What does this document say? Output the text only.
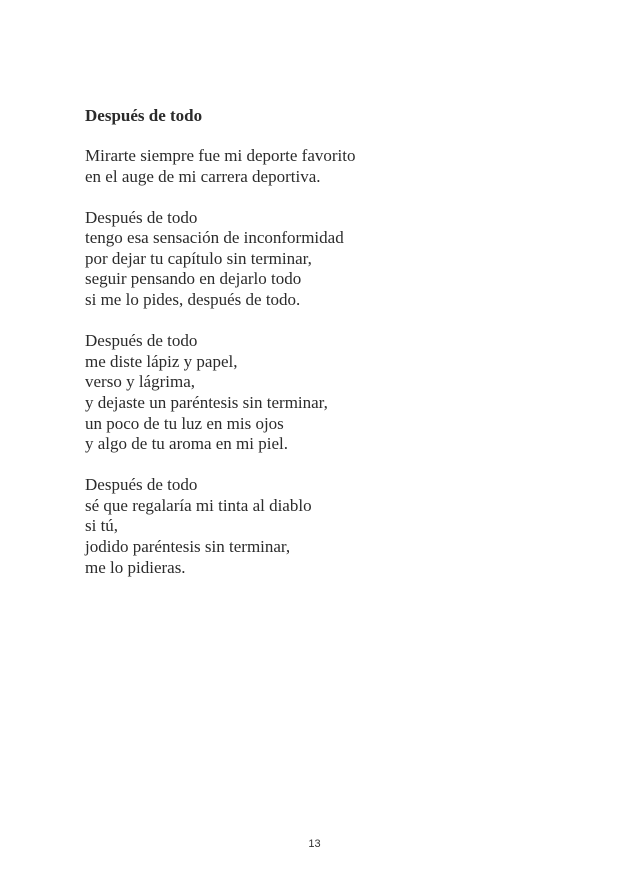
Después de todo
Mirarte siempre fue mi deporte favorito
en el auge de mi carrera deportiva.
Después de todo
tengo esa sensación de inconformidad
por dejar tu capítulo sin terminar,
seguir pensando en dejarlo todo
si me lo pides, después de todo.
Después de todo
me diste lápiz y papel,
verso y lágrima,
y dejaste un paréntesis sin terminar,
un poco de tu luz en mis ojos
y algo de tu aroma en mi piel.
Después de todo
sé que regalaría mi tinta al diablo
si tú,
jodido paréntesis sin terminar,
me lo pidieras.
13
